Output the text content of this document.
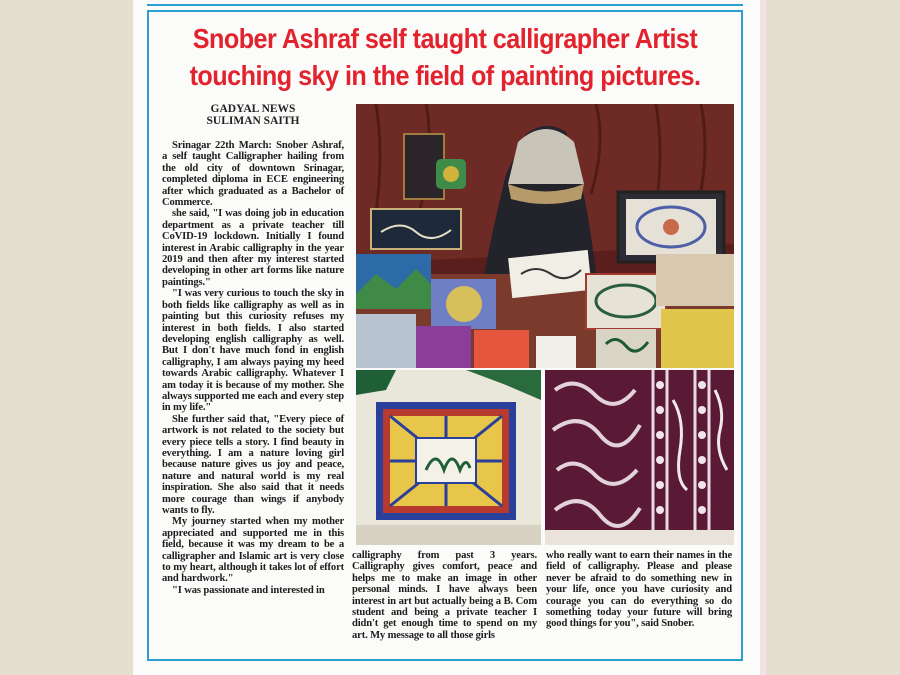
Snober Ashraf self taught calligrapher Artist
touching sky in the field of painting pictures.
GADYAL NEWS
SULIMAN SAITH

Srinagar 22th March: Snober Ashraf, a self taught Calligrapher hailing from the old city of downtown Srinagar, completed diploma in ECE engineering after which graduated as a Bachelor of Commerce.

she said, "I was doing job in education department as a private teacher till CoVID-19 lockdown. Initially I found interest in Arabic calligraphy in the year 2019 and then after my interest started developing in other art forms like nature paintings."

"I was very curious to touch the sky in both fields like calligraphy as well as in painting but this curiosity refuses my interest in both fields. I also started developing english calligraphy as well. But I don't have much fond in english calligraphy, I am always paying my heed towards Arabic calligraphy. Whatever I am today it is because of my mother. She always supported me each and every step in my life."

She further said that, "Every piece of artwork is not related to the society but every piece tells a story. I find beauty in everything. I am a nature loving girl because nature gives us joy and peace, nature and natural world is my real inspiration. She also said that it needs more courage than wings if anybody wants to fly.

My journey started when my mother appreciated and supported me in this field, because it was my dream to be a calligrapher and Islamic art is very close to my heart, although it takes lot of effort and hardwork."

"I was passionate and interested in

calligraphy from past 3 years. Calligraphy gives comfort, peace and helps me to make an image in other personal minds. I have always been interest in art but actually being a B. Com student and being a private teacher I didn't get enough time to spend on my art. My message to all those girls

who really want to earn their names in the field of calligraphy. Please and please never be afraid to do something new in your life, once you have curiosity and courage you can do everything so do something today your future will bring good things for you", said Snober.
